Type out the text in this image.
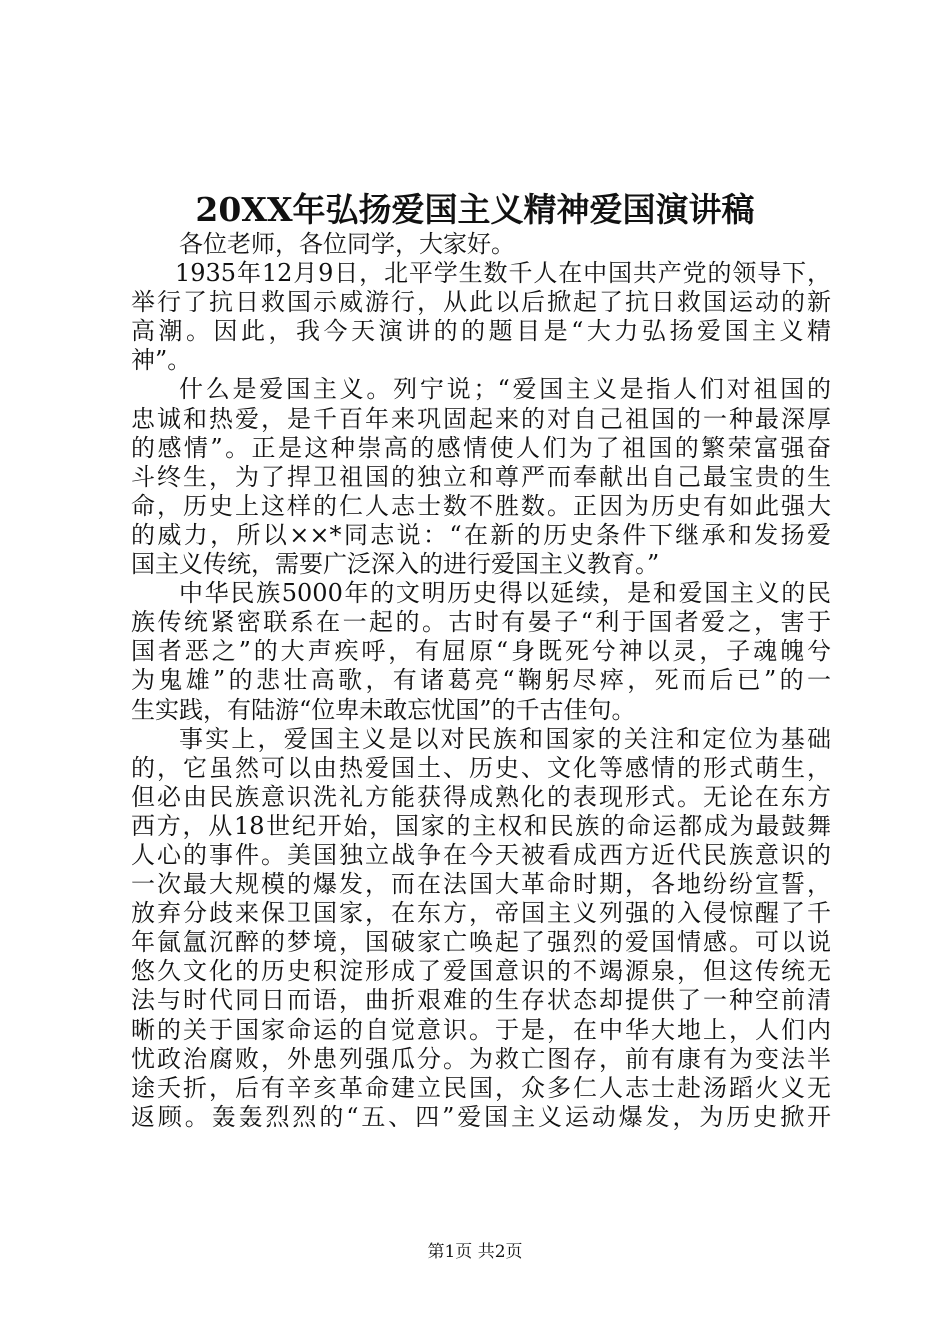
20XX年弘扬爱国主义精神爱国演讲稿
各位老师，各位同学，大家好。
1935年12月9日，北平学生数千人在中国共产党的领导下，
举行了抗日救国示威游行，从此以后掀起了抗日救国运动的新
高潮。因此，我今天演讲的的题目是“大力弘扬爱国主义精
神”。
什么是爱国主义。列宁说；“爱国主义是指人们对祖国的
忠诚和热爱，是千百年来巩固起来的对自己祖国的一种最深厚
的感情”。正是这种崇高的感情使人们为了祖国的繁荣富强奋
斗终生，为了捍卫祖国的独立和尊严而奉献出自己最宝贵的生
命，历史上这样的仁人志士数不胜数。正因为历史有如此强大
的威力，所以××*同志说：“在新的历史条件下继承和发扬爱
国主义传统，需要广泛深入的进行爱国主义教育。”
中华民族5000年的文明历史得以延续，是和爱国主义的民
族传统紧密联系在一起的。古时有晏子“利于国者爱之，害于
国者恶之”的大声疾呼，有屈原“身既死兮神以灵，子魂魄兮
为鬼雄”的悲壮高歌，有诸葛亮“鞠躬尽瘁，死而后已”的一
生实践，有陆游“位卑未敢忘忧国”的千古佳句。
事实上，爱国主义是以对民族和国家的关注和定位为基础
的，它虽然可以由热爱国土、历史、文化等感情的形式萌生，
但必由民族意识洗礼方能获得成熟化的表现形式。无论在东方
西方，从18世纪开始，国家的主权和民族的命运都成为最鼓舞
人心的事件。美国独立战争在今天被看成西方近代民族意识的
一次最大规模的爆发，而在法国大革命时期，各地纷纷宣誓，
放弃分歧来保卫国家，在东方，帝国主义列强的入侵惊醒了千
年氤氲沉醉的梦境，国破家亡唤起了强烈的爱国情感。可以说
悠久文化的历史积淀形成了爱国意识的不竭源泉，但这传统无
法与时代同日而语，曲折艰难的生存状态却提供了一种空前清
晰的关于国家命运的自觉意识。于是，在中华大地上，人们内
忧政治腐败，外患列强瓜分。为救亡图存，前有康有为变法半
途夭折，后有辛亥革命建立民国，众多仁人志士赴汤蹈火义无
返顾。轰轰烈烈的“五、四”爱国主义运动爆发，为历史掀开
第1页 共2页
